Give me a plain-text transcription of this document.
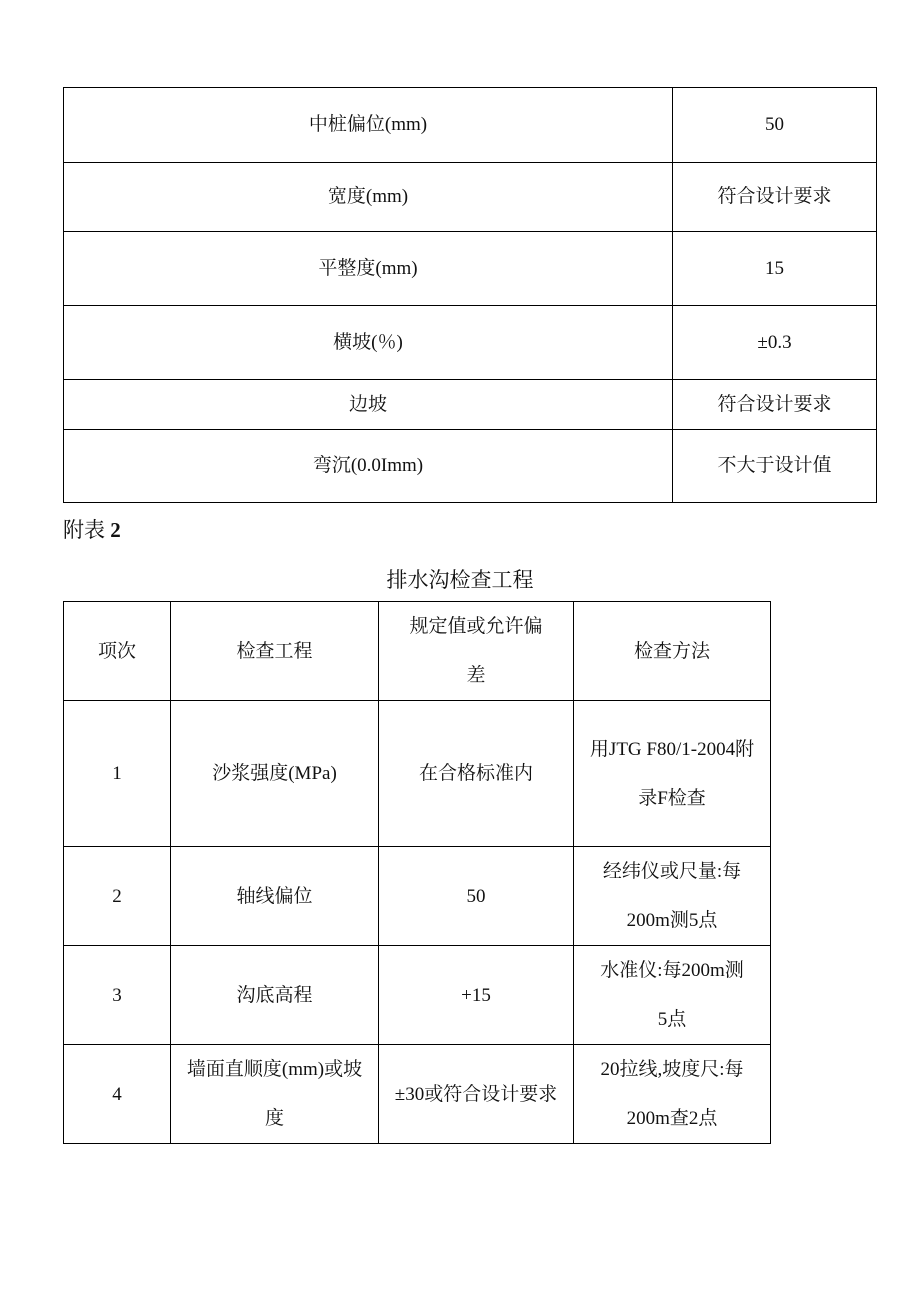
中桩偏位(mm)	50
宽度(mm)	符合设计要求
平整度(mm)	15
横坡(％)	±0.3
边坡	符合设计要求
弯沉(0.0Imm)	不大于设计值
附表 2
排水沟检查工程
项次	检查工程	规定值或允许偏差	检查方法
1	沙浆强度(MPa)	在合格标准内	用JTG F80/1-2004附录F检查
2	轴线偏位	50	经纬仪或尺量:每200m测5点
3	沟底高程	+15	水准仪:每200m测5点
4	墙面直顺度(mm)或坡度	±30或符合设计要求	20拉线,坡度尺:每200m查2点
